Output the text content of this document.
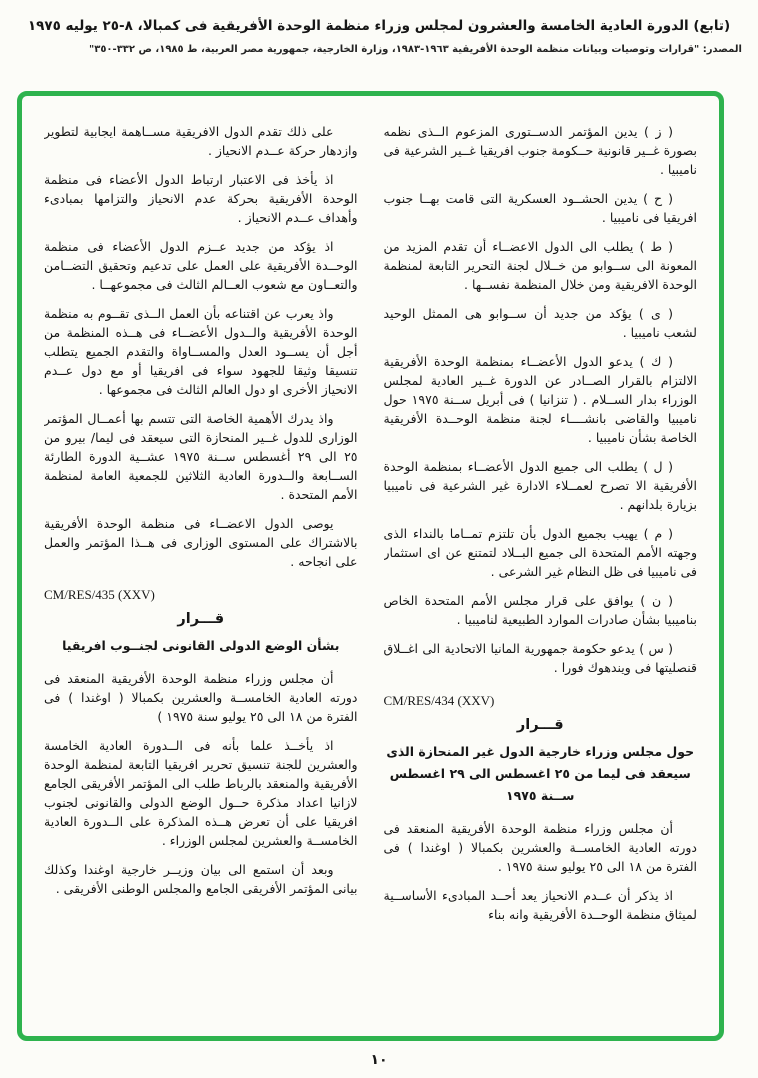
(تابع) الدورة العادية الخامسة والعشرون لمجلس وزراء منظمة الوحدة الأفريقية فى كمبالا، ٨-٢٥ يوليه ١٩٧٥
المصدر: "قرارات وتوصيات وبيانات منظمة الوحدة الأفريقية ١٩٦٣-١٩٨٣، وزارة الخارجية، جمهورية مصر العربية، ط ١٩٨٥، ص ٣٣٢-٣٥٠"
على ذلك تقدم الدول الافريقية مســاهمة ايجابية لتطوير وازدهار حركة عــدم الانحياز .
اذ يأخذ فى الاعتبار ارتباط الدول الأعضاء فى منظمة الوحدة الأفريقية بحركة عدم الانحياز والتزامها بمبادىء وأهداف عــدم الانحياز .
اذ يؤكد من جديد عــزم الدول الأعضاء فى منظمة الوحــدة الأفريقية على العمل على تدعيم وتحقيق التضــامن والتعــاون مع شعوب العــالم الثالث فى مجموعهــا .
واذ يعرب عن اقتناعه بأن العمل الــذى تقــوم به منظمة الوحدة الأفريقية والــدول الأعضــاء فى هــذه المنظمة من أجل أن يســود العدل والمســاواة والتقدم الجميع يتطلب تنسيقا وثيقا للجهود سواء فى افريقيا أو مع دول عــدم الانحياز الأخرى او دول العالم الثالث فى مجموعها .
واذ يدرك الأهمية الخاصة التى تتسم بها أعمــال المؤتمر الوزارى للدول غــير المنحازة التى سيعقد فى ليما/ بيرو من ٢٥ الى ٢٩ أغسطس ســنة ١٩٧٥ عشــية الدورة الطارئة الســابعة والــدورة العادية الثلاثين للجمعية العامة لمنظمة الأمم المتحدة .
يوصى الدول الاعضــاء فى منظمة الوحدة الأفريقية بالاشتراك على المستوى الوزارى فى هــذا المؤتمر والعمل على انجاحه .
CM/RES/435 (XXV)
قـــرار
بشأن الوضع الدولى القانونى لجنــوب افريقيا
أن مجلس وزراء منظمة الوحدة الأفريقية المنعقد فى دورته العادية الخامســة والعشرين بكمبالا ( اوغندا ) فى الفترة من ١٨ الى ٢٥ يوليو سنة ١٩٧٥ )
اذ يأخــذ علما بأنه فى الــدورة العادية الخامسة والعشرين للجنة تنسيق تحرير افريقيا التابعة لمنظمة الوحدة الأفريقية والمنعقد بالرباط طلب الى المؤتمر الأفريقى الجامع لازانيا اعداد مذكرة حــول الوضع الدولى والقانونى لجنوب افريقيا على أن تعرض هــذه المذكرة على الــدورة العادية الخامســة والعشرين لمجلس الوزراء .
وبعد أن استمع الى بيان وزيــر خارجية اوغندا وكذلك بيانى المؤتمر الأفريقى الجامع والمجلس الوطنى الأفريقى .
( ز ) يدين المؤتمر الدســتورى المزعوم الــذى نظمه بصورة غــير قانونية حــكومة جنوب افريقيا غــير الشرعية فى ناميبيا .
( ح ) يدين الحشــود العسكرية التى قامت بهــا جنوب افريقيا فى ناميبيا .
( ط ) يطلب الى الدول الاعضــاء أن تقدم المزيد من المعونة الى ســوابو من خــلال لجنة التحرير التابعة لمنظمة الوحدة الافريقية ومن خلال المنظمة نفســها .
( ى ) يؤكد من جديد أن ســوابو هى الممثل الوحيد لشعب ناميبيا .
( ك ) يدعو الدول الأعضــاء بمنظمة الوحدة الأفريقية الالتزام بالقرار الصــادر عن الدورة غــير العادية لمجلس الوزراء بدار الســلام . ( تنزانيا ) فى أبريل ســنة ١٩٧٥ حول ناميبيا والقاضى بانشــــاء لجنة منظمة الوحــدة الأفريقية الخاصة بشأن ناميبيا .
( ل ) يطلب الى جميع الدول الأعضــاء بمنظمة الوحدة الأفريقية الا تصرح لعمــلاء الادارة غير الشرعية فى ناميبيا بزيارة بلدانهم .
( م ) يهيب بجميع الدول بأن تلتزم تمــاما بالنداء الذى وجهته الأمم المتحدة الى جميع البــلاد لتمتنع عن اى استثمار فى ناميبيا فى ظل النظام غير الشرعى .
( ن ) يوافق على قرار مجلس الأمم المتحدة الخاص بناميبيا بشأن صادرات الموارد الطبيعية لناميبيا .
( س ) يدعو حكومة جمهورية المانيا الاتحادية الى اغــلاق قنصليتها فى ويندهوك فورا .
CM/RES/434 (XXV)
قـــرار
حول مجلس وزراء خارجية الدول غير المنحازة الذى سيعقد فى ليما من ٢٥ اغسطس الى ٢٩ اغسطس ســنة ١٩٧٥
أن مجلس وزراء منظمة الوحدة الأفريقية المنعقد فى دورته العادية الخامســة والعشرين بكمبالا ( اوغندا ) فى الفترة من ١٨ الى ٢٥ يوليو سنة ١٩٧٥ .
اذ يذكر أن عــدم الانحياز يعد أحــد المبادىء الأساســية لميثاق منظمة الوحــدة الأفريقية وانه بناء
١٠
